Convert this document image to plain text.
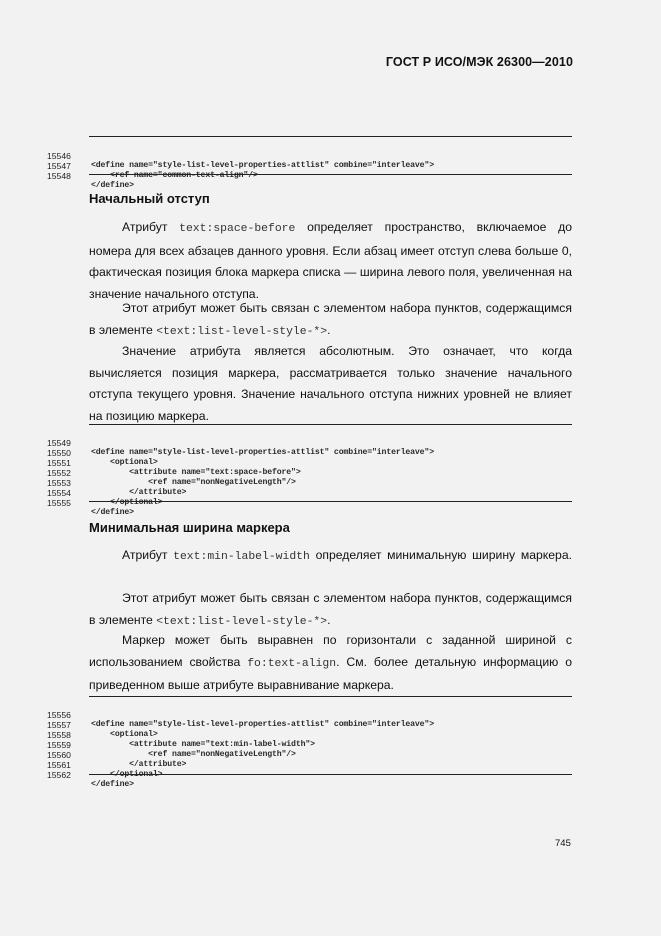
ГОСТ Р ИСО/МЭК 26300—2010

15546

<define name="style-list-level-properties-attlist" combine="interleave">

15547

<ref name="common-text-align"/>

15548

</define>

Начальный отступ

Атрибут text:space-before определяет пространство, включаемое до номера для всех абзацев данного уровня. Если абзац имеет отступ слева больше 0, фактическая позиция блока маркера списка — ширина левого поля, увеличенная на значение начального отступа.

Этот атрибут может быть связан с элементом набора пунктов, содержащимся в элементе <text:list-level-style-*>.

Значение атрибута является абсолютным. Это означает, что когда вычисляется позиция маркера, рассматривается только значение начального отступа текущего уровня. Значение начального отступа нижних уровней не влияет на позицию маркера.

15549

<define name="style-list-level-properties-attlist" combine="interleave">

15550

<optional>

15551

<attribute name="text:space-before">

15552

<ref name="nonNegativeLength"/>

15553

</attribute>

15554

</optional>

15555

</define>

Минимальная ширина маркера

Атрибут text:min-label-width определяет минимальную ширину маркера.

Этот атрибут может быть связан с элементом набора пунктов, содержащимся в элементе <text:list-level-style-*>.

Маркер может быть выравнен по горизонтали с заданной шириной с использованием свойства fo:text-align. См. более детальную информацию о приведенном выше атрибуте выравнивание маркера.

15556

<define name="style-list-level-properties-attlist" combine="interleave">

15557

<optional>

15558

<attribute name="text:min-label-width">

15559

<ref name="nonNegativeLength"/>

15560

</attribute>

15561

</optional>

15562

</define>

745
